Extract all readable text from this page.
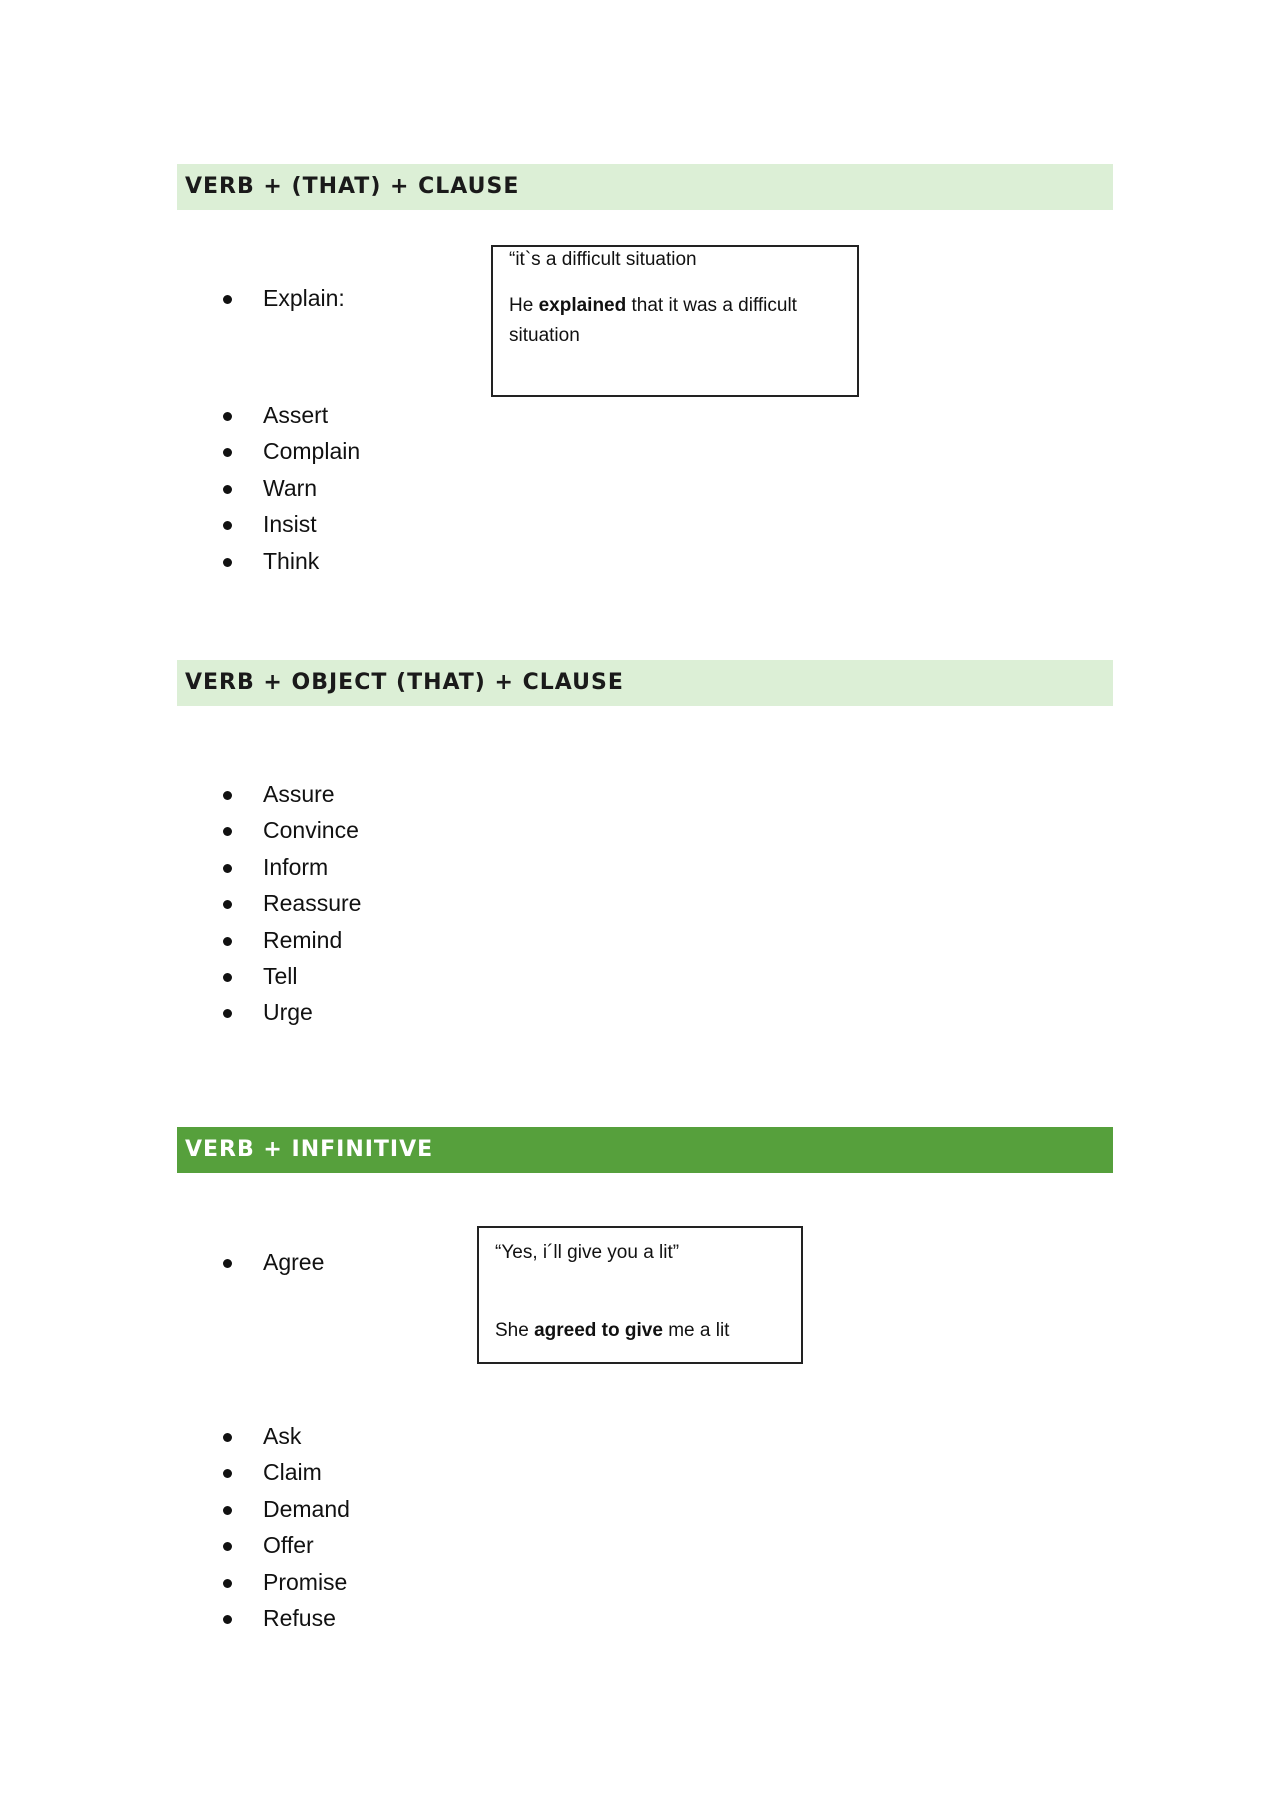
VERB + (THAT) + CLAUSE
Explain:

“it`s a difficult situation

He explained that it was a difficult situation

Assert
Complain
Warn
Insist
Think
VERB + OBJECT (THAT) + CLAUSE
Assure
Convince
Inform
Reassure
Remind
Tell
Urge
VERB + INFINITIVE
Agree	“Yes, i´ll give you a lit”

She agreed to give me a lit

Ask
Claim
Demand
Offer
Promise
Refuse
